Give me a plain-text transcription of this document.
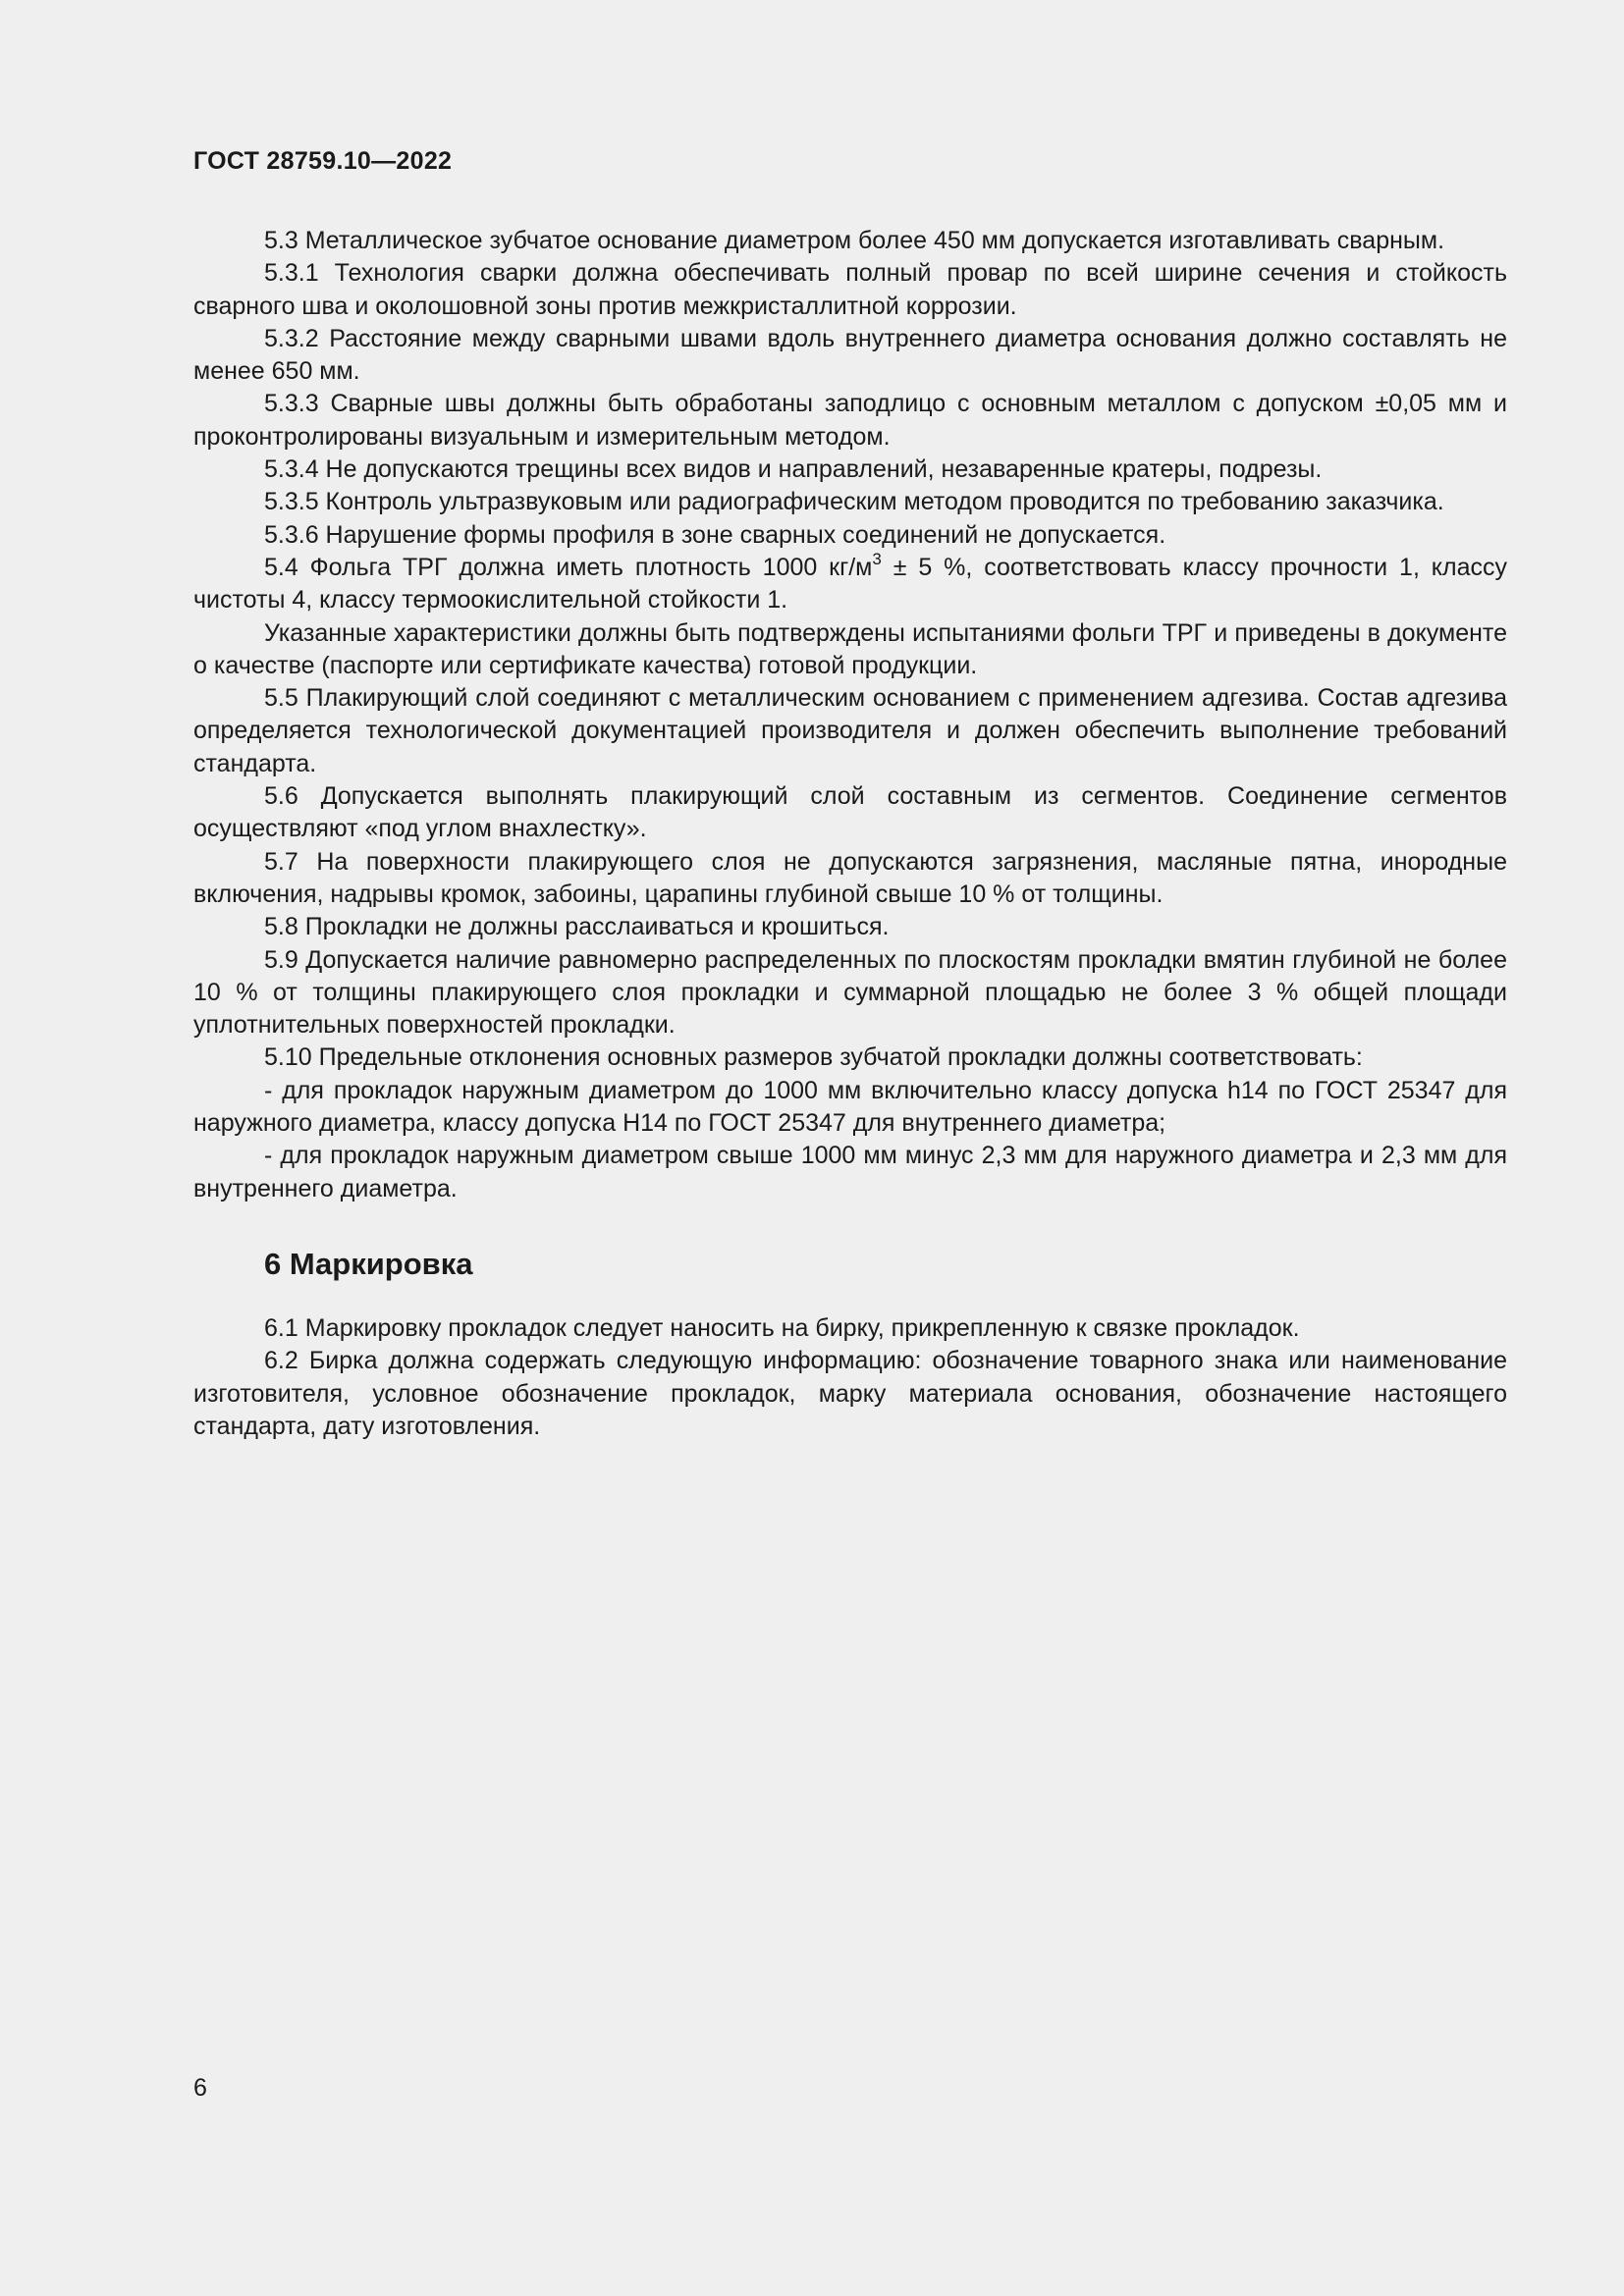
ГОСТ 28759.10—2022

5.3 Металлическое зубчатое основание диаметром более 450 мм допускается изготавливать сварным.

5.3.1 Технология сварки должна обеспечивать полный провар по всей ширине сечения и стойкость сварного шва и околошовной зоны против межкристаллитной коррозии.

5.3.2 Расстояние между сварными швами вдоль внутреннего диаметра основания должно составлять не менее 650 мм.

5.3.3 Сварные швы должны быть обработаны заподлицо с основным металлом с допуском ±0,05 мм и проконтролированы визуальным и измерительным методом.

5.3.4 Не допускаются трещины всех видов и направлений, незаваренные кратеры, подрезы.

5.3.5 Контроль ультразвуковым или радиографическим методом проводится по требованию заказчика.

5.3.6 Нарушение формы профиля в зоне сварных соединений не допускается.

5.4 Фольга ТРГ должна иметь плотность 1000 $кг/м^3 \pm 5$ %, соответствовать классу прочности 1, классу чистоты 4, классу термоокислительной стойкости 1.

Указанные характеристики должны быть подтверждены испытаниями фольги ТРГ и приведены в документе о качестве (паспорте или сертификате качества) готовой продукции.

5.5 Плакирующий слой соединяют с металлическим основанием с применением адгезива. Состав адгезива определяется технологической документацией производителя и должен обеспечить выполнение требований стандарта.

5.6 Допускается выполнять плакирующий слой составным из сегментов. Соединение сегментов осуществляют «под углом внахлестку».

5.7 На поверхности плакирующего слоя не допускаются загрязнения, масляные пятна, инородные включения, надрывы кромок, забоины, царапины глубиной свыше 10 % от толщины.

5.8 Прокладки не должны расслаиваться и крошиться.

5.9 Допускается наличие равномерно распределенных по плоскостям прокладки вмятин глубиной не более 10 % от толщины плакирующего слоя прокладки и суммарной площадью не более 3 % общей площади уплотнительных поверхностей прокладки.

5.10 Предельные отклонения основных размеров зубчатой прокладки должны соответствовать:

- для прокладок наружным диаметром до 1000 мм включительно классу допуска h14 по ГОСТ 25347 для наружного диаметра, классу допуска H14 по ГОСТ 25347 для внутреннего диаметра;

- для прокладок наружным диаметром свыше 1000 мм минус 2,3 мм для наружного диаметра и 2,3 мм для внутреннего диаметра.

6 Маркировка

6.1 Маркировку прокладок следует наносить на бирку, прикрепленную к связке прокладок.

6.2 Бирка должна содержать следующую информацию: обозначение товарного знака или наименование изготовителя, условное обозначение прокладок, марку материала основания, обозначение настоящего стандарта, дату изготовления.

6
